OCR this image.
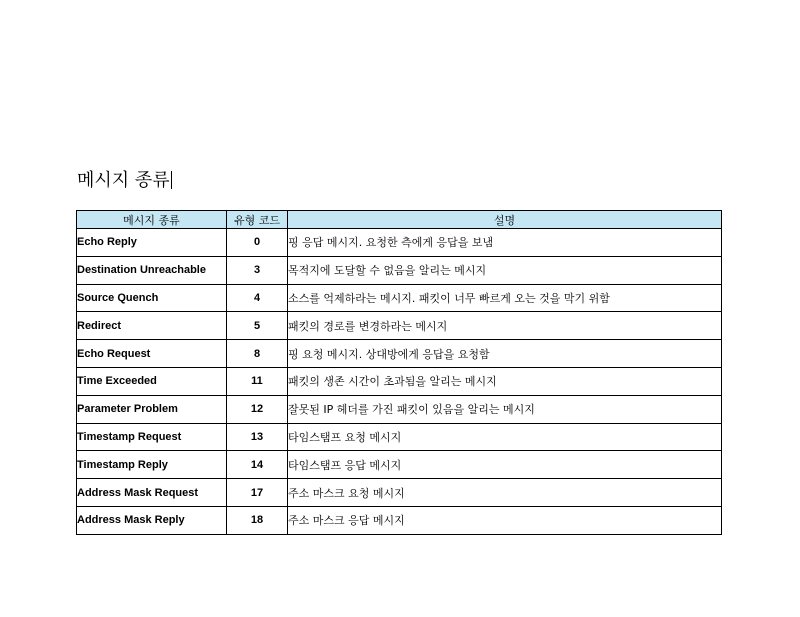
메시지 종류
메시지 종류	유형 코드	설명
Echo Reply	0	핑 응답 메시지. 요청한 측에게 응답을 보냄
Destination Unreachable	3	목적지에 도달할 수 없음을 알리는 메시지
Source Quench	4	소스를 억제하라는 메시지. 패킷이 너무 빠르게 오는 것을 막기 위함
Redirect	5	패킷의 경로를 변경하라는 메시지
Echo Request	8	핑 요청 메시지. 상대방에게 응답을 요청함
Time Exceeded	11	패킷의 생존 시간이 초과됨을 알리는 메시지
Parameter Problem	12	잘못된 IP 헤더를 가진 패킷이 있음을 알리는 메시지
Timestamp Request	13	타임스탬프 요청 메시지
Timestamp Reply	14	타임스탬프 응답 메시지
Address Mask Request	17	주소 마스크 요청 메시지
Address Mask Reply	18	주소 마스크 응답 메시지
